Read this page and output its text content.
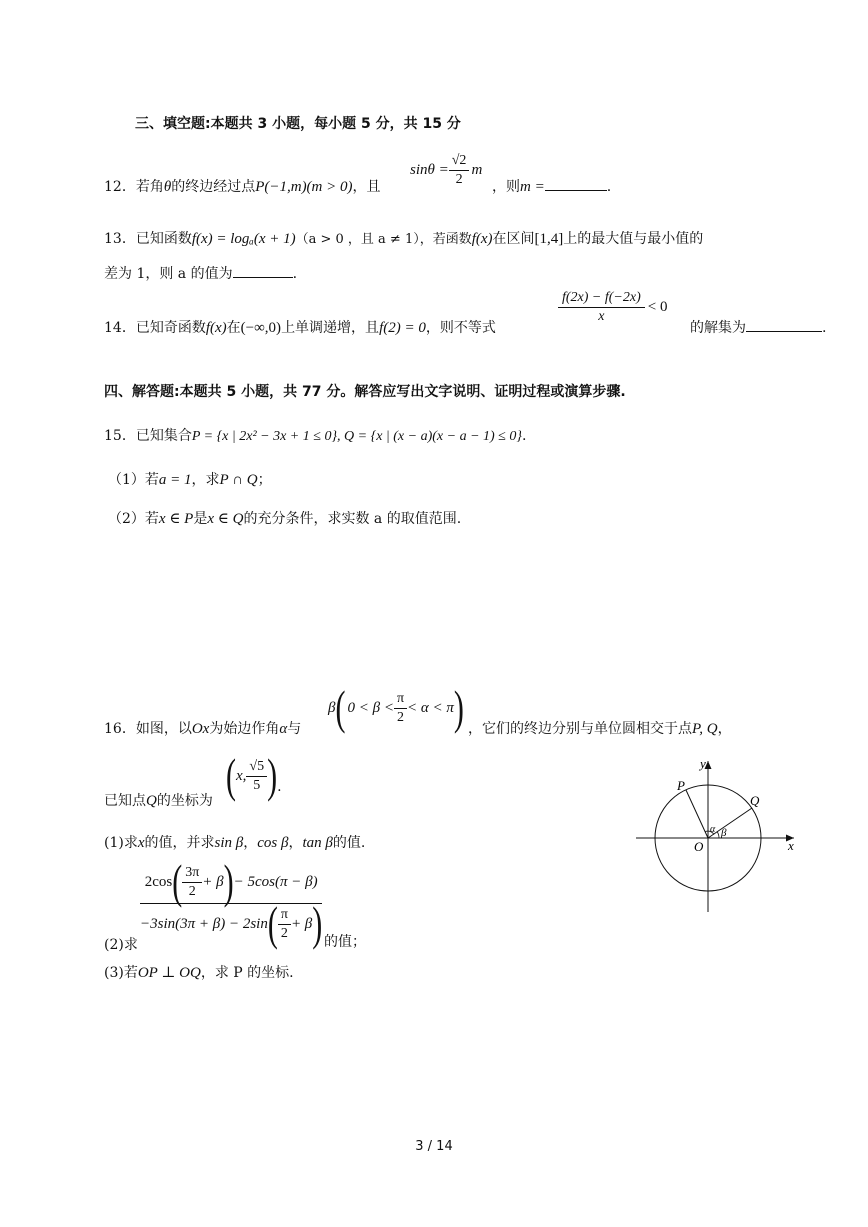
三、填空题:本题共 3 小题，每小题 5 分，共 15 分
12．若角θ的终边经过点P(−1,m)(m > 0)，且
$\sin\theta = \frac{√2}{2}$ m
，则m =	.
13．已知函数f(x) = logₐ(x + 1)（a > 0 ，且 a ≠ 1），若函数f(x)在区间[1,4]上的最大值与最小值的
差为 1，则 a 的值为	.
14．已知奇函数f(x)在(−∞,0)上单调递增，且f(2) = 0，则不等式
$\frac{f(2x) - f(-2x)}{x} < 0$
的解集为	.
四、解答题:本题共 5 小题，共 77 分。解答应写出文字说明、证明过程或演算步骤.
15．已知集合P = {x | 2x² − 3x + 1 ≤ 0}, Q = {x | (x − a)(x − a − 1) ≤ 0}.
（1）若a = 1，求P ∩ Q；
（2）若x ∈ P是x ∈ Q的充分条件，求实数 a 的取值范围.
16．如图，以Ox为始边作角α与
β ( $0 < \beta < \frac{\pi}{2} < \alpha < \pi$ ) ，它们的终边分别与单位圆相交于点P, Q，
已知点Q的坐标为 ( x, $\frac{√5}{5}$ ) .
(1)求x的值，并求sin β，cos β，tan β的值.
2cos ( $\frac{3\pi}{2} + \beta$ ) − 5cos(π − β)
−3sin(3π + β) − 2sin ( $\frac{\pi}{2} + \beta$ )
(2)求	的值；
(3)若OP ⊥ OQ，求 P 的坐标.
y
x
O
P
Q
α β
3 / 14
